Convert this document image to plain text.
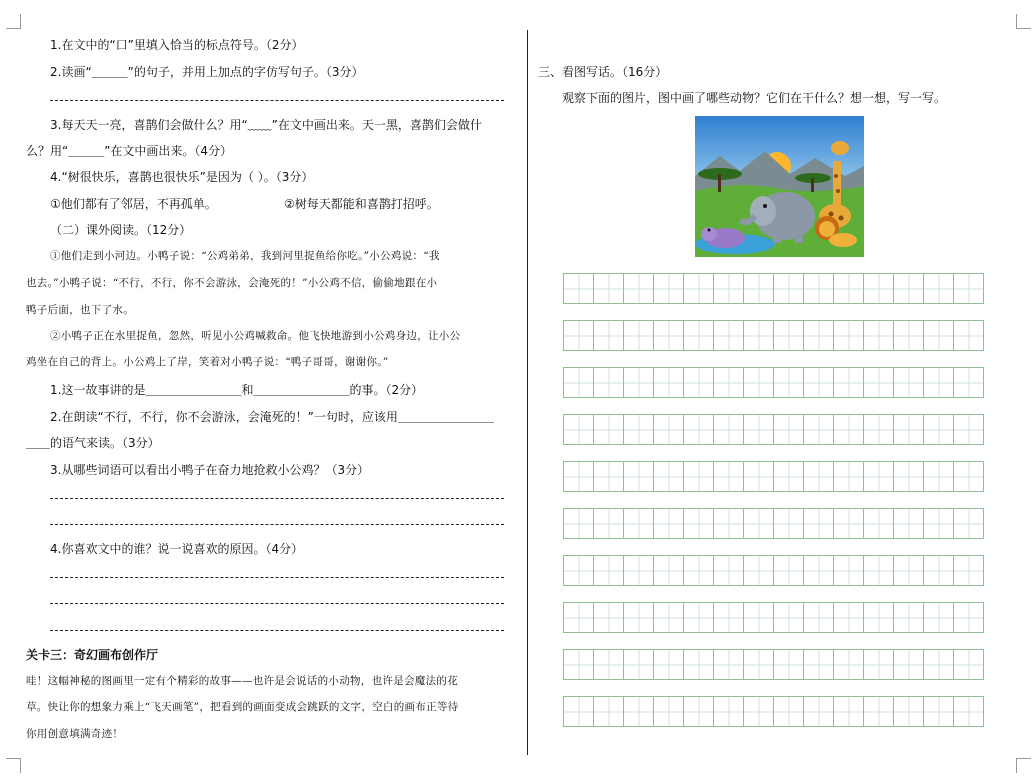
1.在文中的“口”里填入恰当的标点符号。（2分）
2.读画“＿＿＿”的句子，并用上加点的字仿写句子。（3分）
3.每天天一亮，喜鹊们会做什么？用“﹏﹏”在文中画出来。天一黑，喜鹊们会做什
么？用“＿＿＿”在文中画出来。（4分）
4.“树很快乐，喜鹊也很快乐”是因为（ ）。（3分）
①他们都有了邻居，不再孤单。	②树每天都能和喜鹊打招呼。
（二）课外阅读。（12分）
①他们走到小河边。小鸭子说：“公鸡弟弟，我到河里捉鱼给你吃。”小公鸡说：“我
也去。”小鸭子说：“不行，不行，你不会游泳，会淹死的！”小公鸡不信，偷偷地跟在小
鸭子后面，也下了水。
②小鸭子正在水里捉鱼，忽然，听见小公鸡喊救命。他飞快地游到小公鸡身边，让小公
鸡坐在自己的背上。小公鸡上了岸，笑着对小鸭子说：“鸭子哥哥，谢谢你。”
1.这一故事讲的是＿＿＿＿＿＿＿＿和＿＿＿＿＿＿＿＿的事。（2分）
2.在朗读“不行，不行，你不会游泳，会淹死的！”一句时，应该用＿＿＿＿＿＿＿＿
＿＿的语气来读。（3分）
3.从哪些词语可以看出小鸭子在奋力地抢救小公鸡？（3分）
4.你喜欢文中的谁？说一说喜欢的原因。（4分）
关卡三：奇幻画布创作厅
哇！这幅神秘的图画里一定有个精彩的故事——也许是会说话的小动物，也许是会魔法的花
草。快让你的想象力乘上“飞天画笔”，把看到的画面变成会跳跃的文字，空白的画布正等待
你用创意填满奇迹！
三、看图写话。（16分）
观察下面的图片，图中画了哪些动物？它们在干什么？想一想，写一写。
